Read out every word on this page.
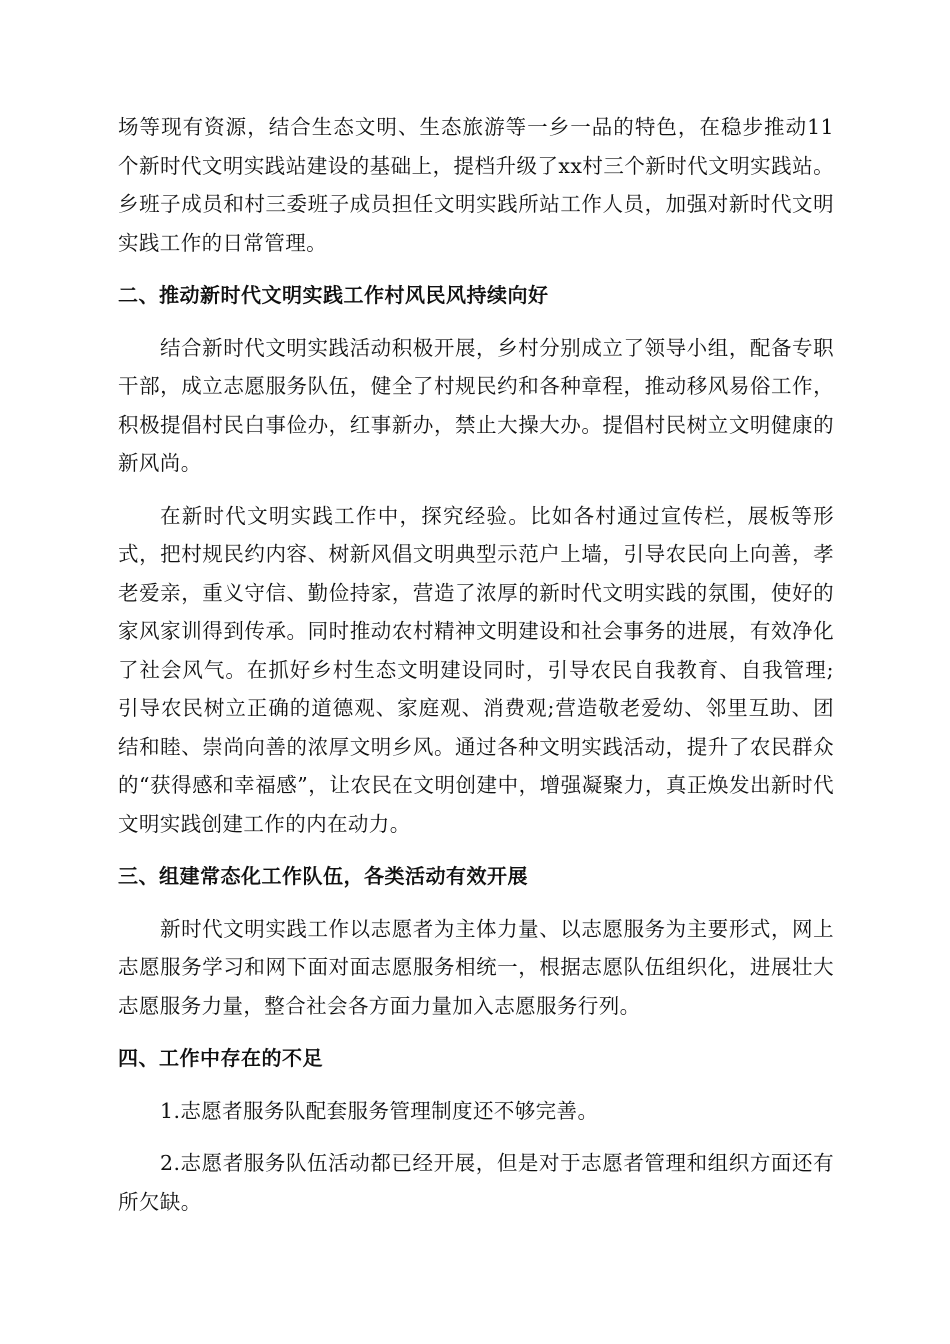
场等现有资源，结合生态文明、生态旅游等一乡一品的特色，在稳步推动11个新时代文明实践站建设的基础上，提档升级了xx村三个新时代文明实践站。乡班子成员和村三委班子成员担任文明实践所站工作人员，加强对新时代文明实践工作的日常管理。

二、推动新时代文明实践工作村风民风持续向好

结合新时代文明实践活动积极开展，乡村分别成立了领导小组，配备专职干部，成立志愿服务队伍，健全了村规民约和各种章程，推动移风易俗工作，积极提倡村民白事俭办，红事新办，禁止大操大办。提倡村民树立文明健康的新风尚。

在新时代文明实践工作中，探究经验。比如各村通过宣传栏，展板等形式，把村规民约内容、树新风倡文明典型示范户上墙，引导农民向上向善，孝老爱亲，重义守信、勤俭持家，营造了浓厚的新时代文明实践的氛围，使好的家风家训得到传承。同时推动农村精神文明建设和社会事务的进展，有效净化了社会风气。在抓好乡村生态文明建设同时，引导农民自我教育、自我管理;引导农民树立正确的道德观、家庭观、消费观;营造敬老爱幼、邻里互助、团结和睦、崇尚向善的浓厚文明乡风。通过各种文明实践活动，提升了农民群众的“获得感和幸福感”，让农民在文明创建中，增强凝聚力，真正焕发出新时代文明实践创建工作的内在动力。

三、组建常态化工作队伍，各类活动有效开展

新时代文明实践工作以志愿者为主体力量、以志愿服务为主要形式，网上志愿服务学习和网下面对面志愿服务相统一，根据志愿队伍组织化，进展壮大志愿服务力量，整合社会各方面力量加入志愿服务行列。

四、工作中存在的不足

1.志愿者服务队配套服务管理制度还不够完善。

2.志愿者服务队伍活动都已经开展，但是对于志愿者管理和组织方面还有所欠缺。
